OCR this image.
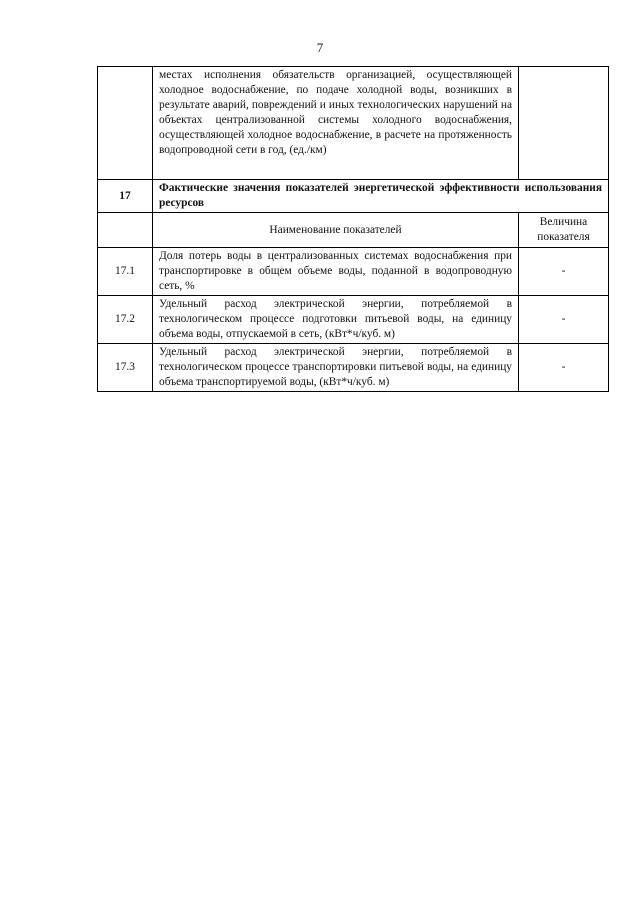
7
	местах исполнения обязательств организацией, осуществляющей холодное водоснабжение, по подаче холодной воды, возникших в результате аварий, повреждений и иных технологических нарушений на объектах централизованной системы холодного водоснабжения, осуществляющей холодное водоснабжение, в расчете на протяженность водопроводной сети в год, (ед./км)	
17	Фактические значения показателей энергетической эффективности использования ресурсов	
	Наименование показателей	Величина показателя
17.1	Доля потерь воды в централизованных системах водоснабжения при транспортировке в общем объеме воды, поданной в водопроводную сеть, %	-
17.2	Удельный расход электрической энергии, потребляемой в технологическом процессе подготовки питьевой воды, на единицу объема воды, отпускаемой в сеть, (кВт*ч/куб. м)	-
17.3	Удельный расход электрической энергии, потребляемой в технологическом процессе транспортировки питьевой воды, на единицу объема транспортируемой воды, (кВт*ч/куб. м)	-
